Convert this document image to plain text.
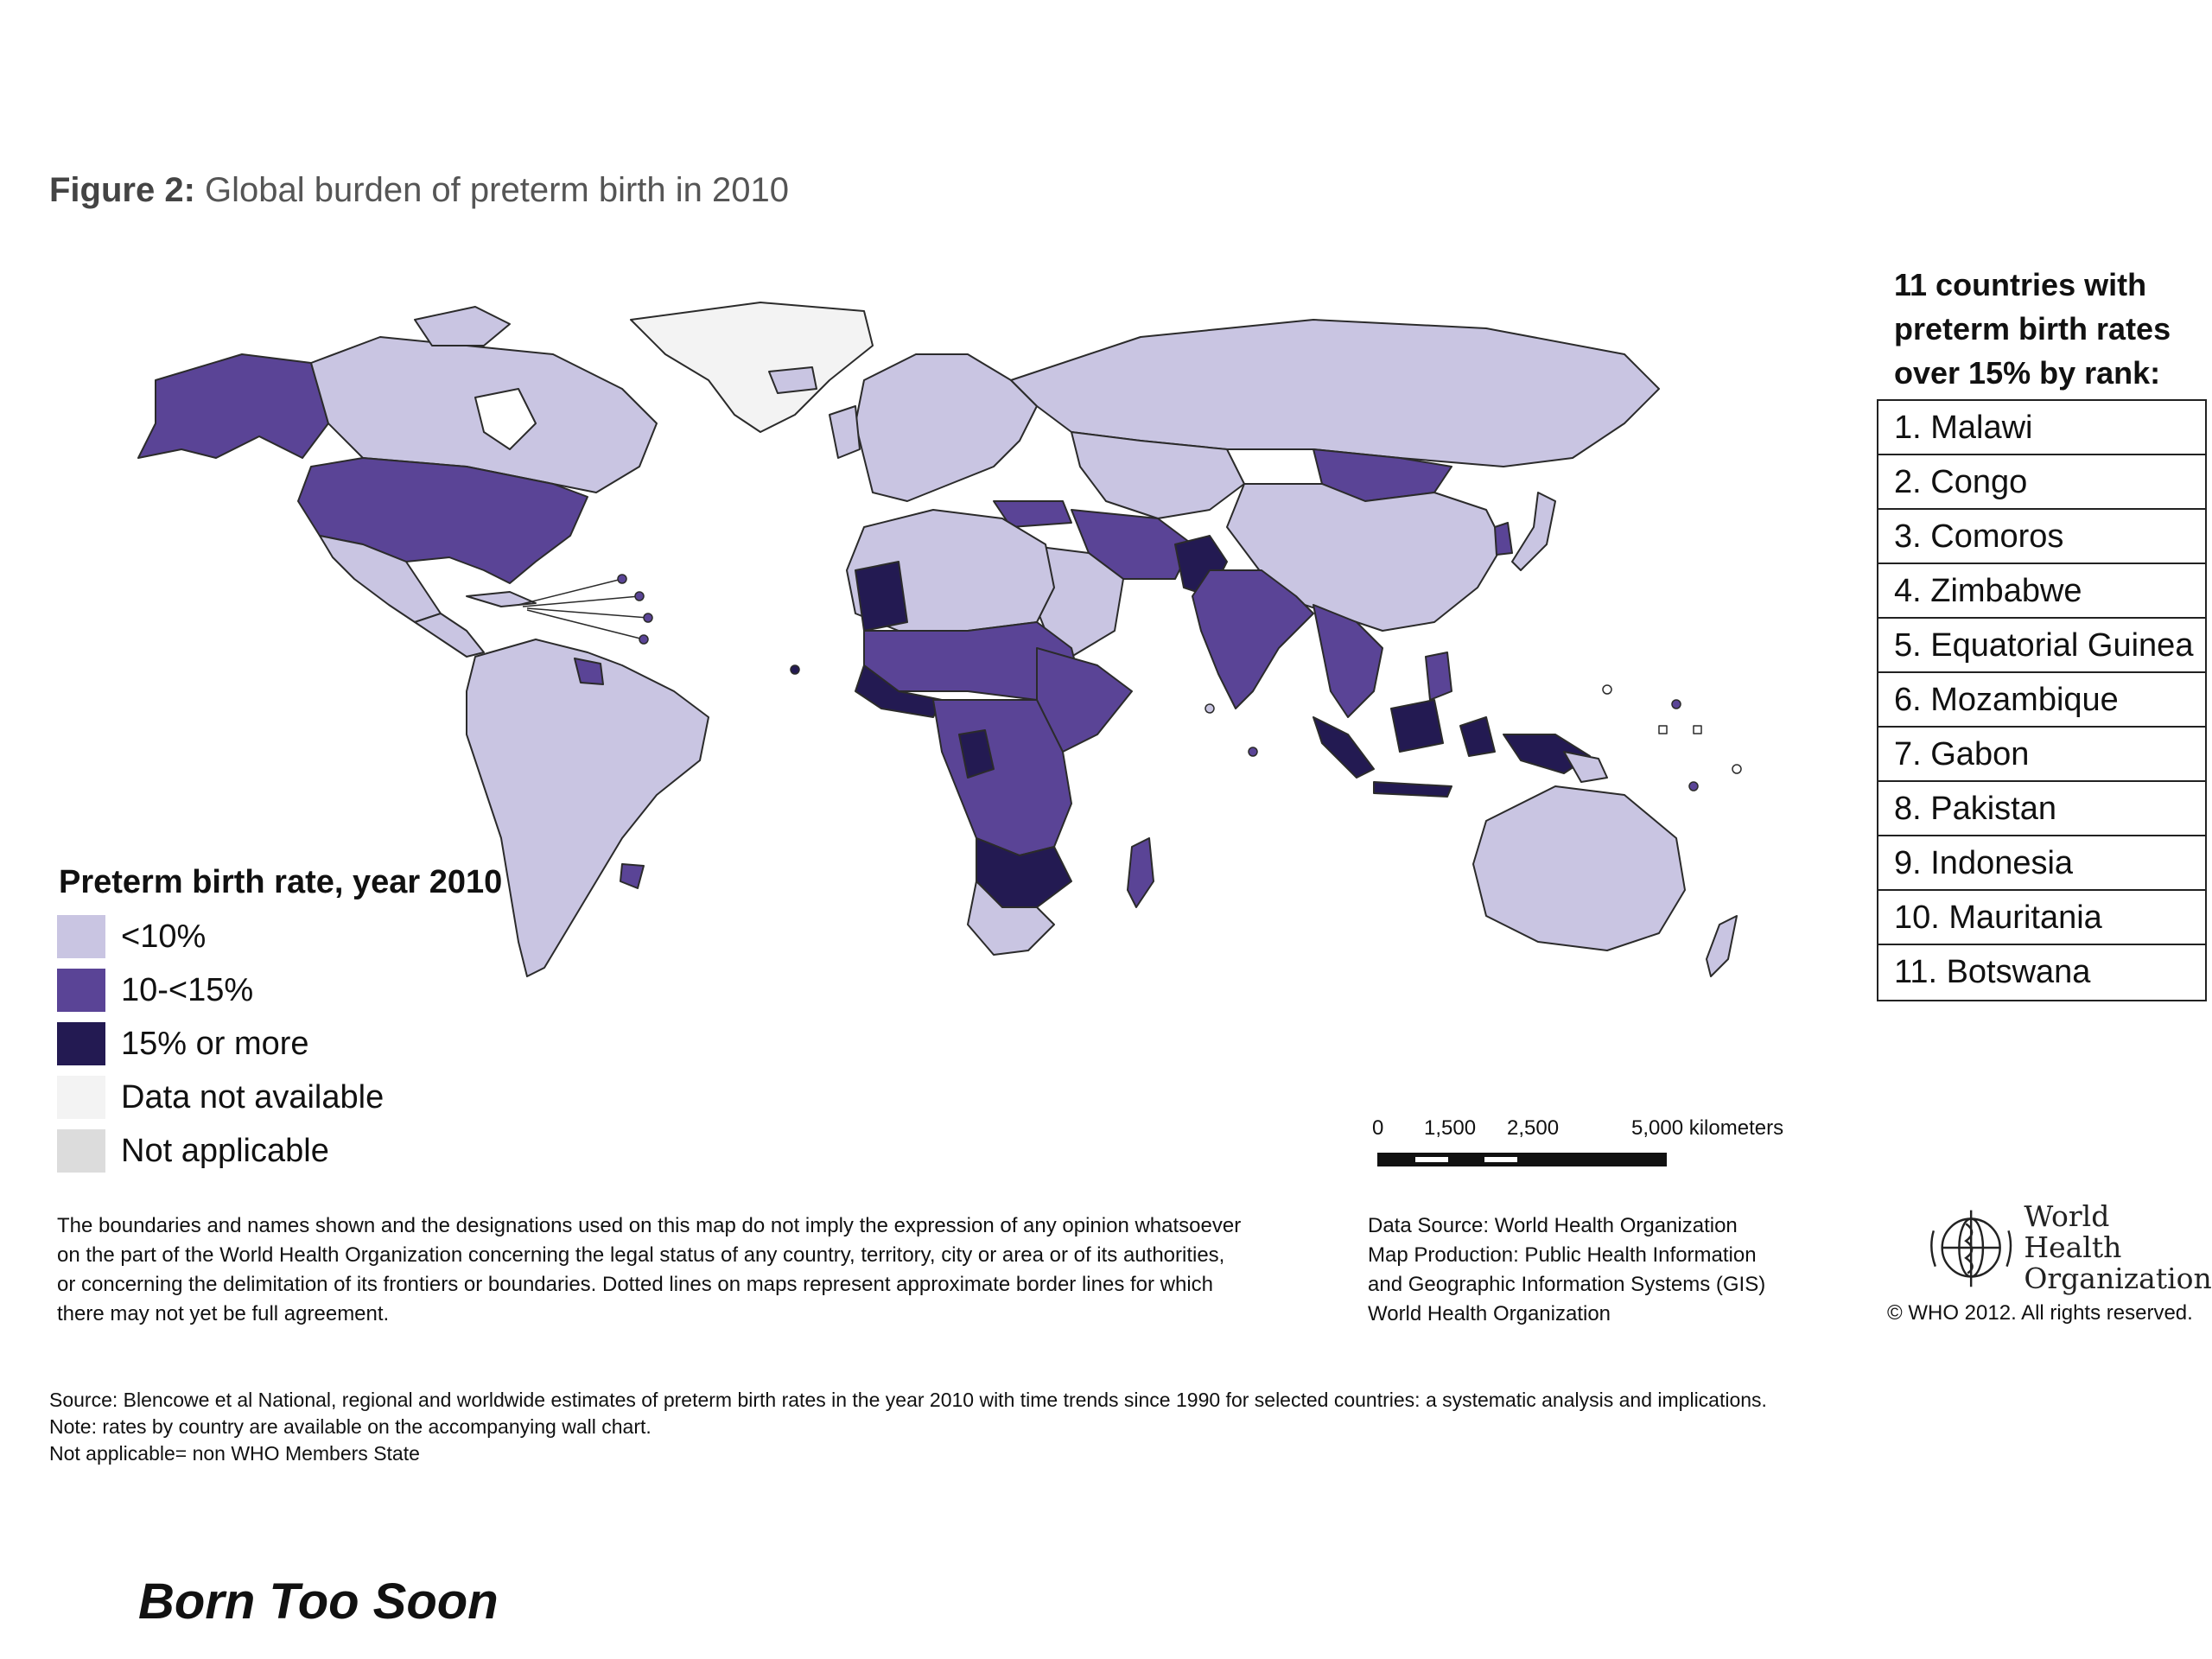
Figure 2: Global burden of preterm birth in 2010
11 countries with
preterm birth rates
over 15% by rank:
1. Malawi
2. Congo
3. Comoros
4. Zimbabwe
5. Equatorial Guinea
6. Mozambique
7. Gabon
8. Pakistan
9. Indonesia
10. Mauritania
11. Botswana
Preterm birth rate, year 2010
<10%
10-<15%
15% or more
Data not available
Not applicable
0 1,500 2,500	5,000 kilometers
The boundaries and names shown and the designations used on this map do not imply the expression of any opinion whatsoever
on the part of the World Health Organization concerning the legal status of any country, territory, city or area or of its authorities,
or concerning the delimitation of its frontiers or boundaries. Dotted lines on maps represent approximate border lines for which
there may not yet be full agreement.
Data Source: World Health Organization
Map Production: Public Health Information
and Geographic Information Systems (GIS)
World Health Organization
World Health
Organization
© WHO 2012. All rights reserved.
Source: Blencowe et al National, regional and worldwide estimates of preterm birth rates in the year 2010 with time trends since 1990 for selected countries: a systematic analysis and implications.
Note: rates by country are available on the accompanying wall chart.
Not applicable= non WHO Members State
Born Too Soon
